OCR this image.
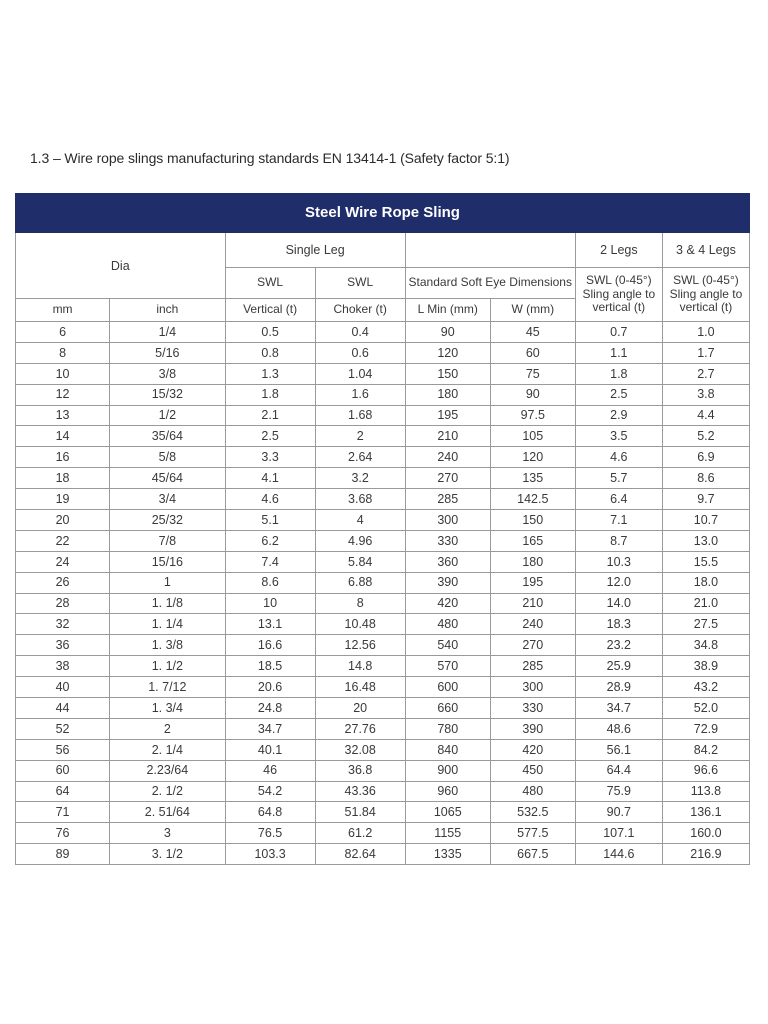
1.3 – Wire rope slings manufacturing standards EN 13414-1 (Safety factor 5:1)
Steel Wire Rope Sling							
Dia		Single Leg				2 Legs	3 & 4 Legs
		SWL	SWL	Standard Soft Eye Dimensions		SWL (0-45°) Sling angle to vertical (t)	SWL (0-45°) Sling angle to vertical (t)
mm	inch	Vertical (t)	Choker (t)	L Min (mm)	W (mm)		
6	1/4	0.5	0.4	90	45	0.7	1.0
8	5/16	0.8	0.6	120	60	1.1	1.7
10	3/8	1.3	1.04	150	75	1.8	2.7
12	15/32	1.8	1.6	180	90	2.5	3.8
13	1/2	2.1	1.68	195	97.5	2.9	4.4
14	35/64	2.5	2	210	105	3.5	5.2
16	5/8	3.3	2.64	240	120	4.6	6.9
18	45/64	4.1	3.2	270	135	5.7	8.6
19	3/4	4.6	3.68	285	142.5	6.4	9.7
20	25/32	5.1	4	300	150	7.1	10.7
22	7/8	6.2	4.96	330	165	8.7	13.0
24	15/16	7.4	5.84	360	180	10.3	15.5
26	1	8.6	6.88	390	195	12.0	18.0
28	1. 1/8	10	8	420	210	14.0	21.0
32	1. 1/4	13.1	10.48	480	240	18.3	27.5
36	1. 3/8	16.6	12.56	540	270	23.2	34.8
38	1. 1/2	18.5	14.8	570	285	25.9	38.9
40	1. 7/12	20.6	16.48	600	300	28.9	43.2
44	1. 3/4	24.8	20	660	330	34.7	52.0
52	2	34.7	27.76	780	390	48.6	72.9
56	2. 1/4	40.1	32.08	840	420	56.1	84.2
60	2.23/64	46	36.8	900	450	64.4	96.6
64	2. 1/2	54.2	43.36	960	480	75.9	113.8
71	2. 51/64	64.8	51.84	1065	532.5	90.7	136.1
76	3	76.5	61.2	1155	577.5	107.1	160.0
89	3. 1/2	103.3	82.64	1335	667.5	144.6	216.9
